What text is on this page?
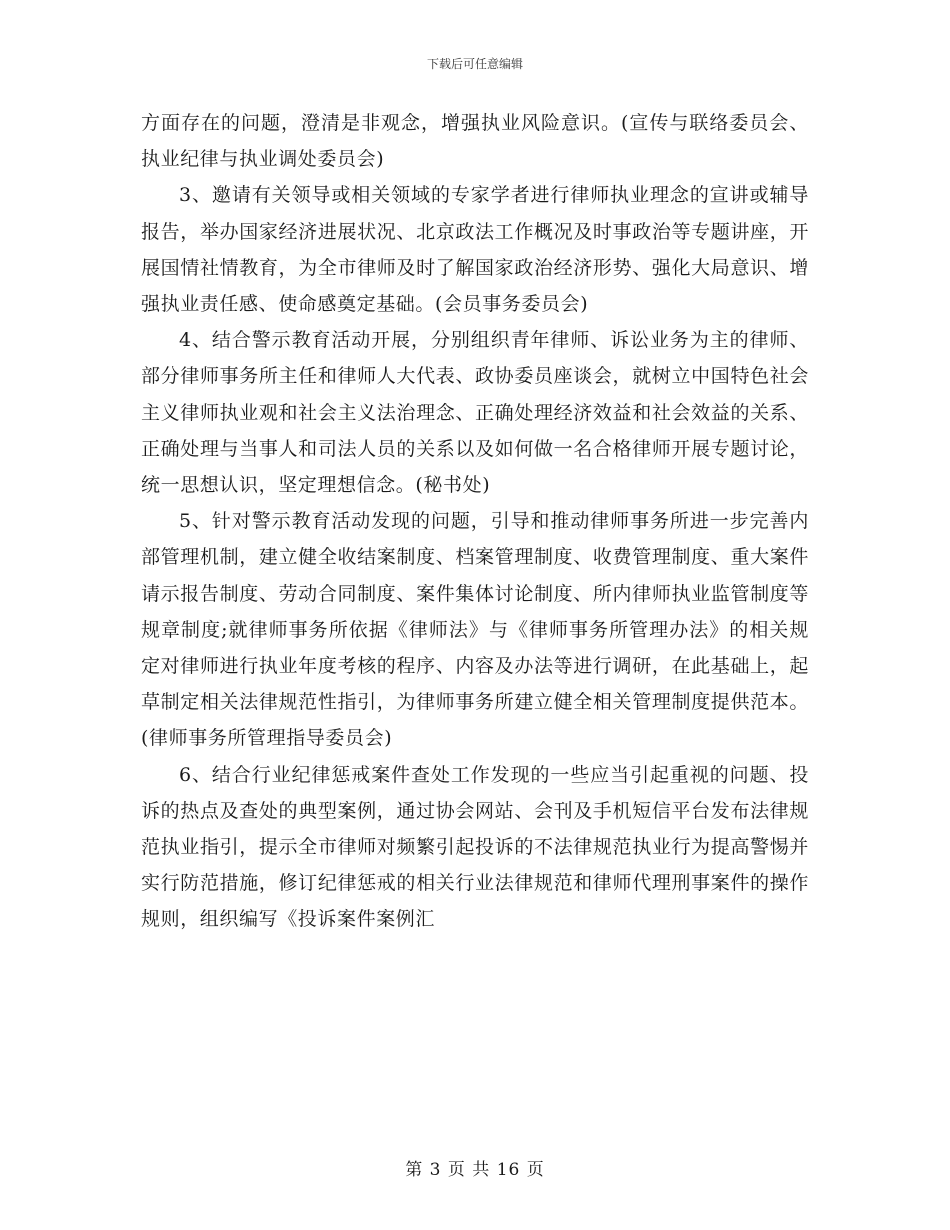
下载后可任意编辑

方面存在的问题，澄清是非观念，增强执业风险意识。(宣传与联络委员会、执业纪律与执业调处委员会)

3、邀请有关领导或相关领域的专家学者进行律师执业理念的宣讲或辅导报告，举办国家经济进展状况、北京政法工作概况及时事政治等专题讲座，开展国情社情教育，为全市律师及时了解国家政治经济形势、强化大局意识、增强执业责任感、使命感奠定基础。(会员事务委员会)

4、结合警示教育活动开展，分别组织青年律师、诉讼业务为主的律师、部分律师事务所主任和律师人大代表、政协委员座谈会，就树立中国特色社会主义律师执业观和社会主义法治理念、正确处理经济效益和社会效益的关系、正确处理与当事人和司法人员的关系以及如何做一名合格律师开展专题讨论，统一思想认识，坚定理想信念。(秘书处)

5、针对警示教育活动发现的问题，引导和推动律师事务所进一步完善内部管理机制，建立健全收结案制度、档案管理制度、收费管理制度、重大案件请示报告制度、劳动合同制度、案件集体讨论制度、所内律师执业监管制度等规章制度;就律师事务所依据《律师法》与《律师事务所管理办法》的相关规定对律师进行执业年度考核的程序、内容及办法等进行调研，在此基础上，起草制定相关法律规范性指引，为律师事务所建立健全相关管理制度提供范本。(律师事务所管理指导委员会)

6、结合行业纪律惩戒案件查处工作发现的一些应当引起重视的问题、投诉的热点及查处的典型案例，通过协会网站、会刊及手机短信平台发布法律规范执业指引，提示全市律师对频繁引起投诉的不法律规范执业行为提高警惕并实行防范措施，修订纪律惩戒的相关行业法律规范和律师代理刑事案件的操作规则，组织编写《投诉案件案例汇

第 3 页 共 16 页
